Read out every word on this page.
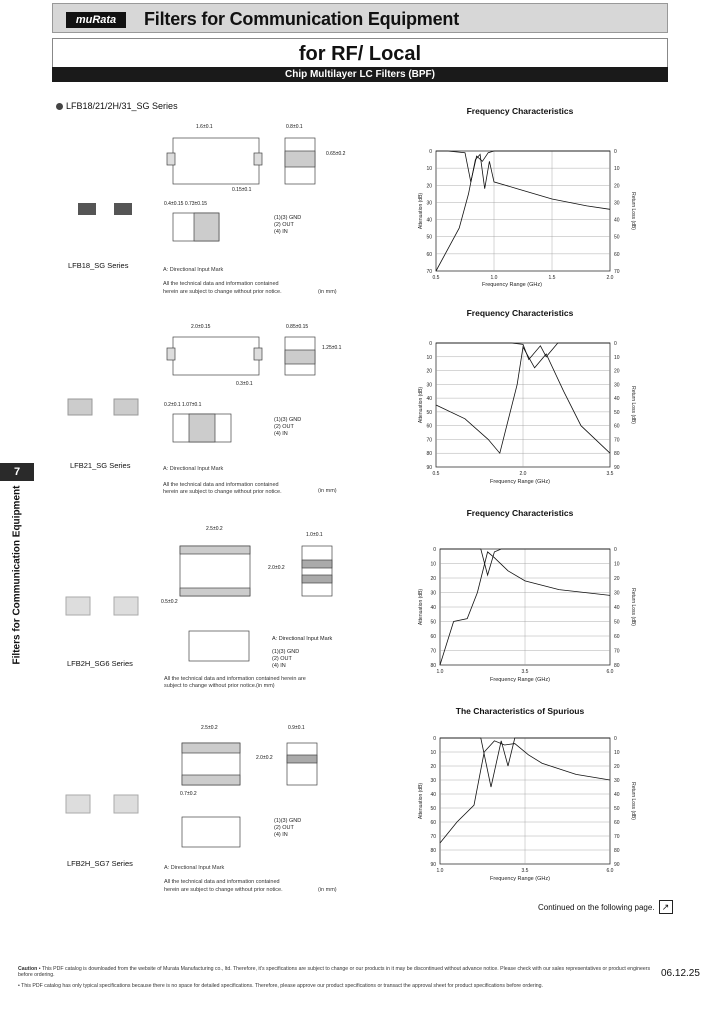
muRata	Filters for Communication Equipment
for RF/ Local
Chip Multilayer LC Filters (BPF)
LFB18/21/2H/31_SG Series
7
Filters for Communication Equipment
1.6±0.1	0.8±0.1
0.15±0.1
0.65±0.2
0.4±0.15 0.73±0.15
(1)(3) GND
(2) OUT
(4) IN
LFB18_SG Series	A: Directional Input Mark
All the technical data and information contained
herein are subject to change without prior notice.	(in mm)
2.0±0.15	0.85±0.15
0.3±0.1
1.25±0.1
0.2±0.1 1.07±0.1
(1)(3) GND
(2) OUT
(4) IN
LFB21_SG Series	A: Directional Input Mark
All the technical data and information contained
herein are subject to change without prior notice.	(in mm)
2.5±0.2
1.0±0.1
2.0±0.2
0.5±0.2
A: Directional Input Mark
(1)(3) GND
(2) OUT
(4) IN
LFB2H_SG6 Series
All the technical data and information contained herein are
subject to change without prior notice. (in mm)
2.5±0.2	0.9±0.1
2.0±0.2
0.7±0.2
(1)(3) GND
(2) OUT
(4) IN
LFB2H_SG7 Series	A: Directional Input Mark
All the technical data and information contained
herein are subject to change without prior notice.	(in mm)
Frequency Characteristics
0	0
10	10
20	20
30	30
40	40
50	50
60	60
70	70
0.5	1.0	1.5	2.0
Attenuation (dB)	Return Loss (dB)
Frequency Range (GHz)
Frequency Characteristics
0	0
10	10
20	20
30	30
40	40
50	50
60	60
70	70
80	80
90	90
0.5	2.0	3.5
Attenuation (dB)	Return Loss (dB)
Frequency Range (GHz)
Frequency Characteristics
0	0
10	10
20	20
30	30
40	40
50	50
60	60
70	70
80	80
1.0	3.5	6.0
Attenuation (dB)	Return Loss (dB)
Frequency Range (GHz)
The Characteristics of Spurious
0	0
10	10
20	20
30	30
40	40
50	50
60	60
70	70
80	80
90	90
1.0	3.5	6.0
Attenuation (dB)	Return Loss (dB)
Frequency Range (GHz)
Continued on the following page. ↗
Caution • This PDF catalog is downloaded from the website of Murata Manufacturing co., ltd. Therefore, it's specifications are subject to change or our products in it may be discontinued without advance notice. Please check with our sales representatives or product engineers before ordering.
• This PDF catalog has only typical specifications because there is no space for detailed specifications. Therefore, please approve our product specifications or transact the approval sheet for product specifications before ordering.
06.12.25
